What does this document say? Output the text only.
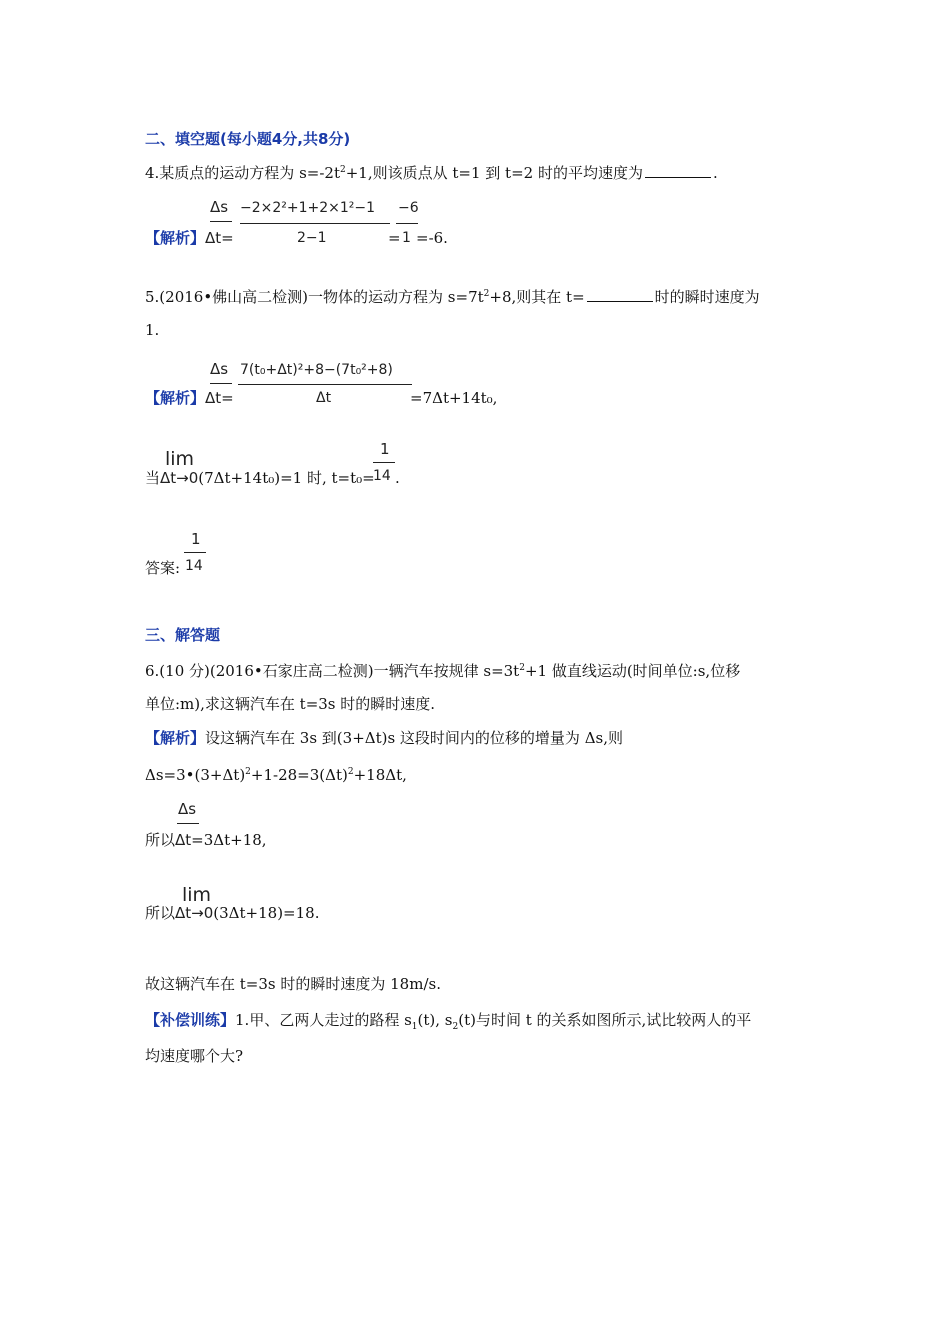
二、填空题(每小题4分,共8分)
4.某质点的运动方程为 $s=-2t^2+1$,则该质点从 t=1 到 t=2 时的平均速度为	.
Δs
【解析】Δt=
−2×2²+1+2×1²−1
2−1	=
−6
1 =-6.
5.(2016•佛山高二检测)一物体的运动方程为 $s=7t^2+8$,则其在 t=	时的瞬时速度为
1.
Δs
【解析】Δt=
7(t₀+Δt)²+8−(7t₀²+8)
Δt	=7Δt+14t₀,
lim
当Δt→0(7Δt+14t₀)=1 时, t=t₀=
1
14 .
1
答案: 14
三、解答题
6.(10 分)(2016•石家庄高二检测)一辆汽车按规律 $s=3t^2+1$ 做直线运动(时间单位:s,位移
单位:m),求这辆汽车在 t=3s 时的瞬时速度.
【解析】设这辆汽车在 3s 到(3+Δt)s 这段时间内的位移的增量为 Δs,则
$\Delta s=3•(3+\Delta t)^2+1-28=3(\Delta t)^2+18\Delta t$,
Δs
所以Δt=3Δt+18,
lim
所以Δt→0(3Δt+18)=18.
故这辆汽车在 t=3s 时的瞬时速度为 18m/s.
【补偿训练】1.甲、乙两人走过的路程 $s_1(t)$, $s_2(t)$与时间 t 的关系如图所示,试比较两人的平
均速度哪个大?
